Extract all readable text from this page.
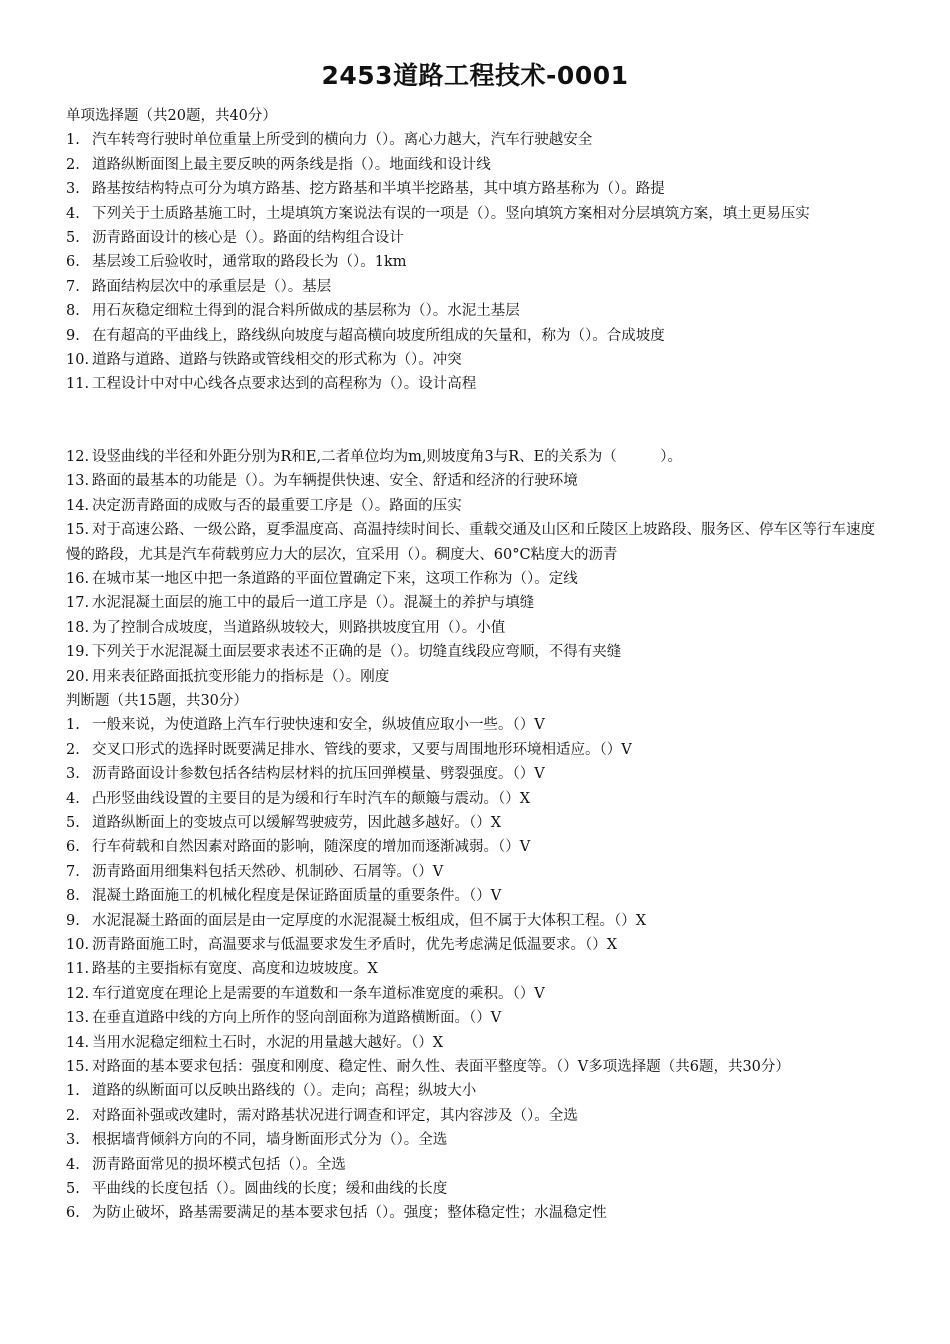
2453道路工程技术-0001
单项选择题（共20题，共40分）
1. 汽车转弯行驶时单位重量上所受到的横向力（）。离心力越大，汽车行驶越安全
2. 道路纵断面图上最主要反映的两条线是指（）。地面线和设计线
3. 路基按结构特点可分为填方路基、挖方路基和半填半挖路基，其中填方路基称为（）。路提
4. 下列关于土质路基施工时，土堤填筑方案说法有误的一项是（）。竖向填筑方案相对分层填筑方案，填土更易压实
5. 沥青路面设计的核心是（）。路面的结构组合设计
6. 基层竣工后验收时，通常取的路段长为（）。1km
7. 路面结构层次中的承重层是（）。基层
8. 用石灰稳定细粒土得到的混合料所做成的基层称为（）。水泥土基层
9. 在有超高的平曲线上，路线纵向坡度与超高横向坡度所组成的矢量和，称为（）。合成坡度
10. 道路与道路、道路与铁路或管线相交的形式称为（）。冲突
11. 工程设计中对中心线各点要求达到的高程称为（）。设计高程
12. 设竖曲线的半径和外距分别为R和E,二者单位均为m,则坡度角3与R、E的关系为（　　　）。
13. 路面的最基本的功能是（）。为车辆提供快速、安全、舒适和经济的行驶环境
14. 决定沥青路面的成败与否的最重要工序是（）。路面的压实
15. 对于高速公路、一级公路，夏季温度高、高温持续时间长、重载交通及山区和丘陵区上坡路段、服务区、停车区等行车速度慢的路段，尤其是汽车荷载剪应力大的层次，宜采用（）。稠度大、60°C粘度大的沥青
16. 在城市某一地区中把一条道路的平面位置确定下来，这项工作称为（）。定线
17. 水泥混凝土面层的施工中的最后一道工序是（）。混凝土的养护与填缝
18. 为了控制合成坡度，当道路纵坡较大，则路拱坡度宜用（）。小值
19. 下列关于水泥混凝土面层要求表述不正确的是（）。切缝直线段应弯顺，不得有夹缝
20. 用来表征路面抵抗变形能力的指标是（）。刚度
判断题（共15题，共30分）
1. 一般来说，为使道路上汽车行驶快速和安全，纵坡值应取小一些。（）V
2. 交叉口形式的选择时既要满足排水、管线的要求，又要与周围地形环境相适应。（）V
3. 沥青路面设计参数包括各结构层材料的抗压回弹模量、劈裂强度。（）V
4. 凸形竖曲线设置的主要目的是为缓和行车时汽车的颠簸与震动。（）X
5. 道路纵断面上的变坡点可以缓解驾驶疲劳，因此越多越好。（）X
6. 行车荷载和自然因素对路面的影响，随深度的增加而逐渐减弱。（）V
7. 沥青路面用细集料包括天然砂、机制砂、石屑等。（）V
8. 混凝土路面施工的机械化程度是保证路面质量的重要条件。（）V
9. 水泥混凝土路面的面层是由一定厚度的水泥混凝土板组成，但不属于大体积工程。（）X
10. 沥青路面施工时，高温要求与低温要求发生矛盾时，优先考虑满足低温要求。（）X
11. 路基的主要指标有宽度、高度和边坡坡度。X
12. 车行道宽度在理论上是需要的车道数和一条车道标准宽度的乘积。（）V
13. 在垂直道路中线的方向上所作的竖向剖面称为道路横断面。（）V
14. 当用水泥稳定细粒土石时，水泥的用量越大越好。（）X
15. 对路面的基本要求包括：强度和刚度、稳定性、耐久性、表面平整度等。（）V多项选择题（共6题，共30分）
1. 道路的纵断面可以反映出路线的（）。走向；高程；纵坡大小
2. 对路面补强或改建时，需对路基状况进行调查和评定，其内容涉及（）。全选
3. 根据墙背倾斜方向的不同，墙身断面形式分为（）。全选
4. 沥青路面常见的损坏模式包括（）。全选
5. 平曲线的长度包括（）。圆曲线的长度；缓和曲线的长度
6. 为防止破坏，路基需要满足的基本要求包括（）。强度；整体稳定性；水温稳定性
